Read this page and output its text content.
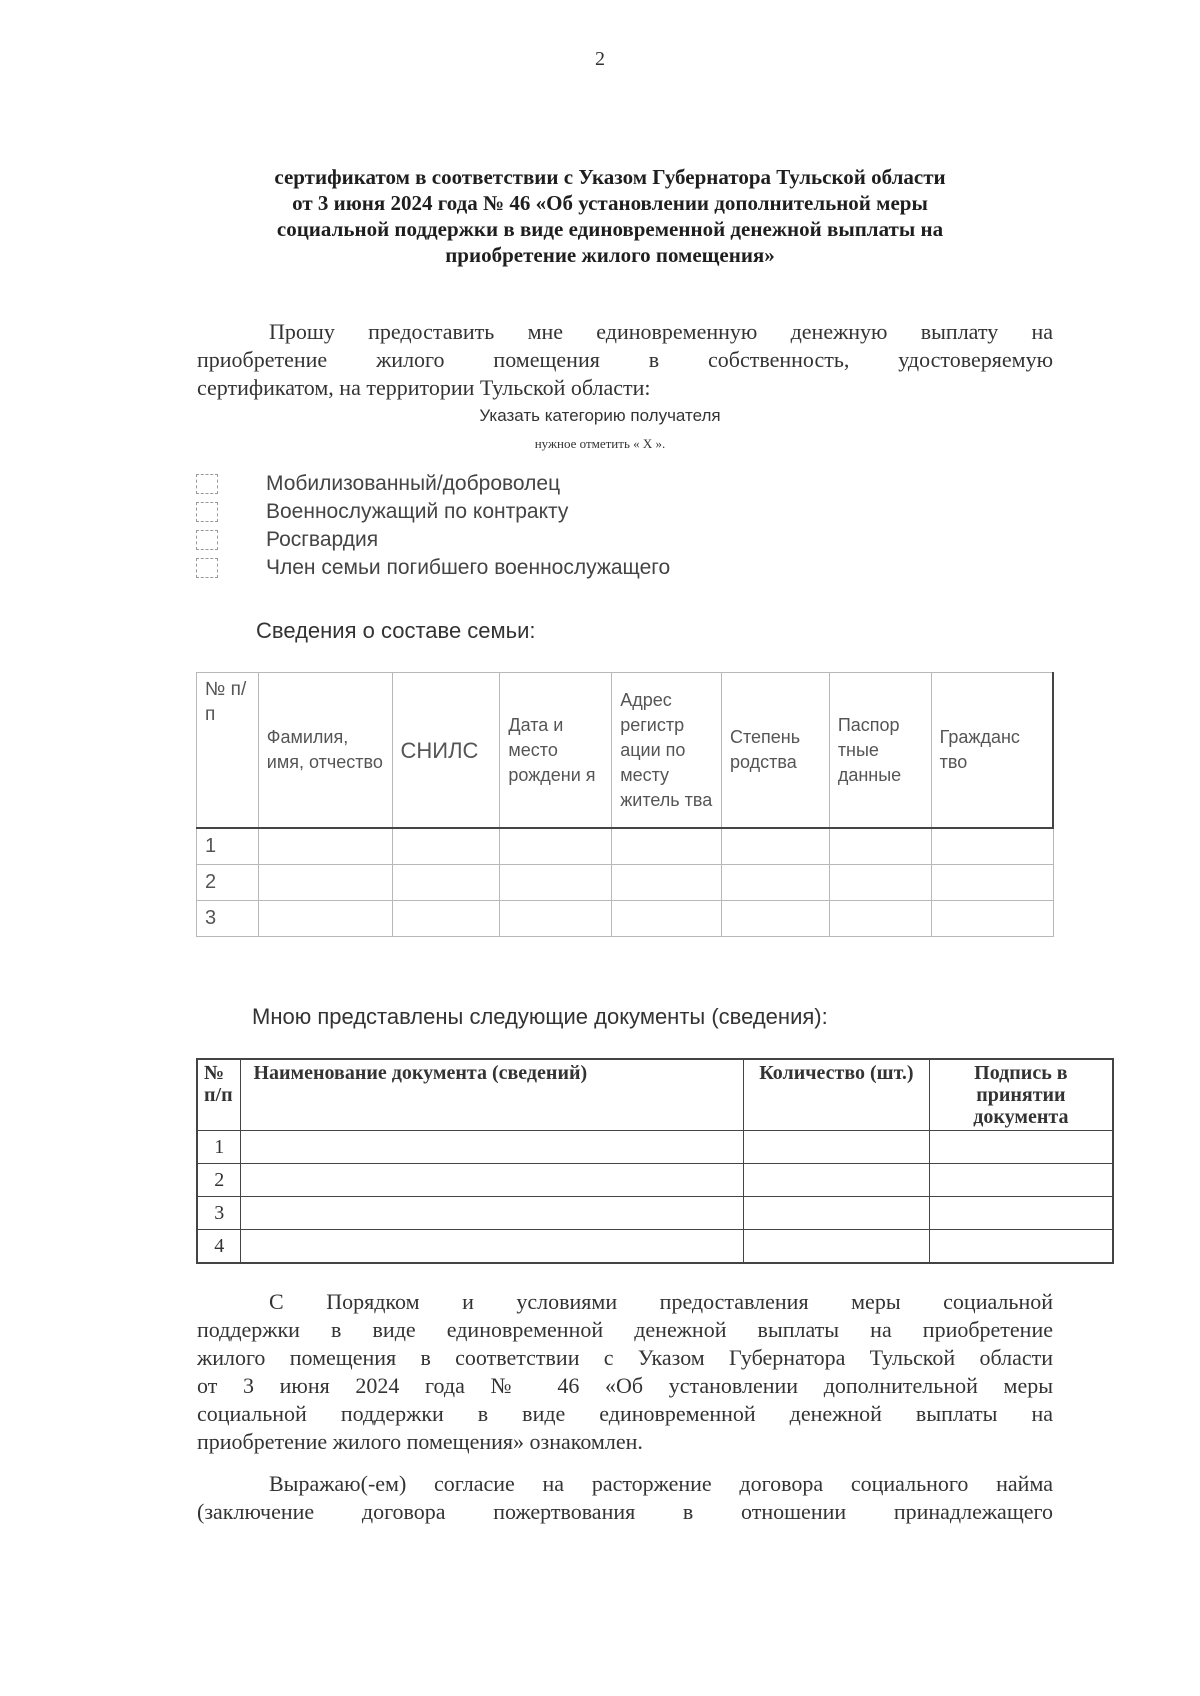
2
сертификатом в соответствии с Указом Губернатора Тульской области
от 3 июня 2024 года № 46 «Об установлении дополнительной меры
социальной поддержки в виде единовременной денежной выплаты на
приобретение жилого помещения»
Прошу предоставить мне единовременную денежную выплату на
приобретение жилого помещения в собственность, удостоверяемую
сертификатом, на территории Тульской области:
Указать категорию получателя
нужное отметить « Х ».
Мобилизованный/доброволец
Военнослужащий по контракту
Росгвардия
Член семьи погибшего военнослужащего
Сведения о составе семьи:
№ п/п	Фамилия, имя, отчество	СНИЛС	Дата и место рождени я	Адрес регистр ации по месту житель тва	Степень родства	Паспор тные данные	Гражданс тво
1							
2							
3							
Мною представлены следующие документы (сведения):
№ п/п	Наименование документа (сведений)	Количество (шт.)	Подпись в принятии документа
1			
2			
3			
4			
С Порядком и условиями предоставления меры социальной
поддержки в виде единовременной денежной выплаты на приобретение
жилого помещения в соответствии с Указом Губернатора Тульской области
от 3 июня 2024 года № 46 «Об установлении дополнительной меры
социальной поддержки в виде единовременной денежной выплаты на
приобретение жилого помещения» ознакомлен.
Выражаю(-ем) согласие на расторжение договора социального найма
(заключение договора пожертвования в отношении принадлежащего
